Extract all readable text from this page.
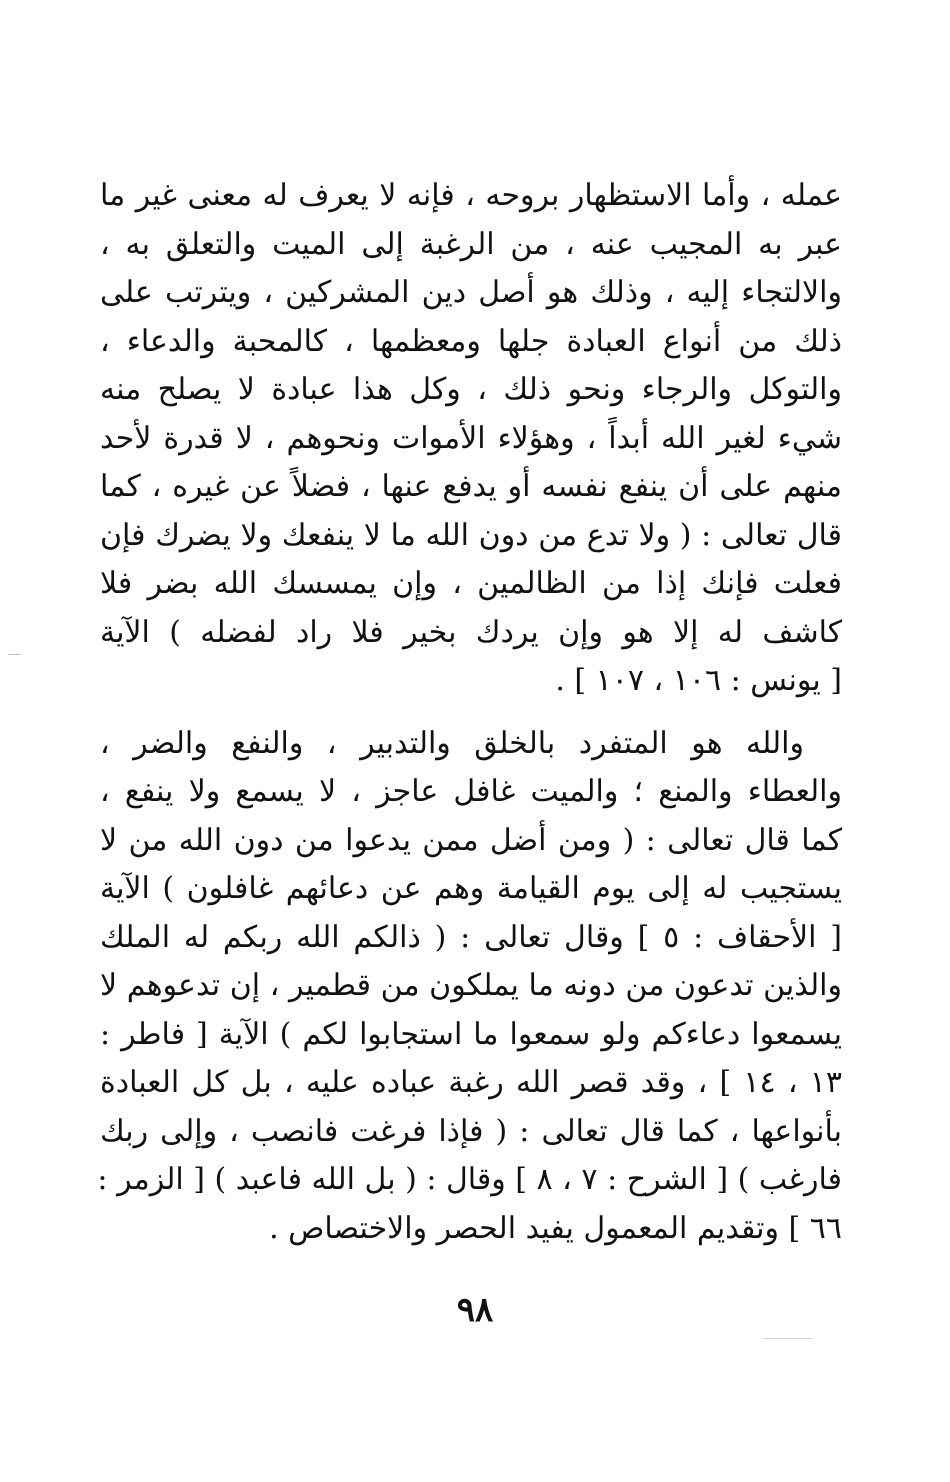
عمله ، وأما الاستظهار بروحه ، فإنه لا يعرف له معنى غير ما
عبر به المجيب عنه ، من الرغبة إلى الميت والتعلق به ،
والالتجاء إليه ، وذلك هو أصل دين المشركين ، ويترتب على
ذلك من أنواع العبادة جلها ومعظمها ، كالمحبة والدعاء ،
والتوكل والرجاء ونحو ذلك ، وكل هذا عبادة لا يصلح منه
شيء لغير الله أبداً ، وهؤلاء الأموات ونحوهم ، لا قدرة لأحد
منهم على أن ينفع نفسه أو يدفع عنها ، فضلاً عن غيره ، كما
قال تعالى : ( ولا تدع من دون الله ما لا ينفعك ولا يضرك فإن
فعلت فإنك إذا من الظالمين ، وإن يمسسك الله بضر فلا
كاشف له إلا هو وإن يردك بخير فلا راد لفضله ) الآية
[ يونس : ١٠٦ ، ١٠٧ ] .
والله هو المتفرد بالخلق والتدبير ، والنفع والضر ،
والعطاء والمنع ؛ والميت غافل عاجز ، لا يسمع ولا ينفع ،
كما قال تعالى : ( ومن أضل ممن يدعوا من دون الله من لا
يستجيب له إلى يوم القيامة وهم عن دعائهم غافلون ) الآية
[ الأحقاف : ٥ ] وقال تعالى : ( ذالكم الله ربكم له الملك
والذين تدعون من دونه ما يملكون من قطمير ، إن تدعوهم لا
يسمعوا دعاءكم ولو سمعوا ما استجابوا لكم ) الآية [ فاطر :
١٣ ، ١٤ ] ، وقد قصر الله رغبة عباده عليه ، بل كل العبادة
بأنواعها ، كما قال تعالى : ( فإذا فرغت فانصب ، وإلى ربك
فارغب ) [ الشرح : ٧ ، ٨ ] وقال : ( بل الله فاعبد ) [ الزمر :
٦٦ ] وتقديم المعمول يفيد الحصر والاختصاص .
٩٨
